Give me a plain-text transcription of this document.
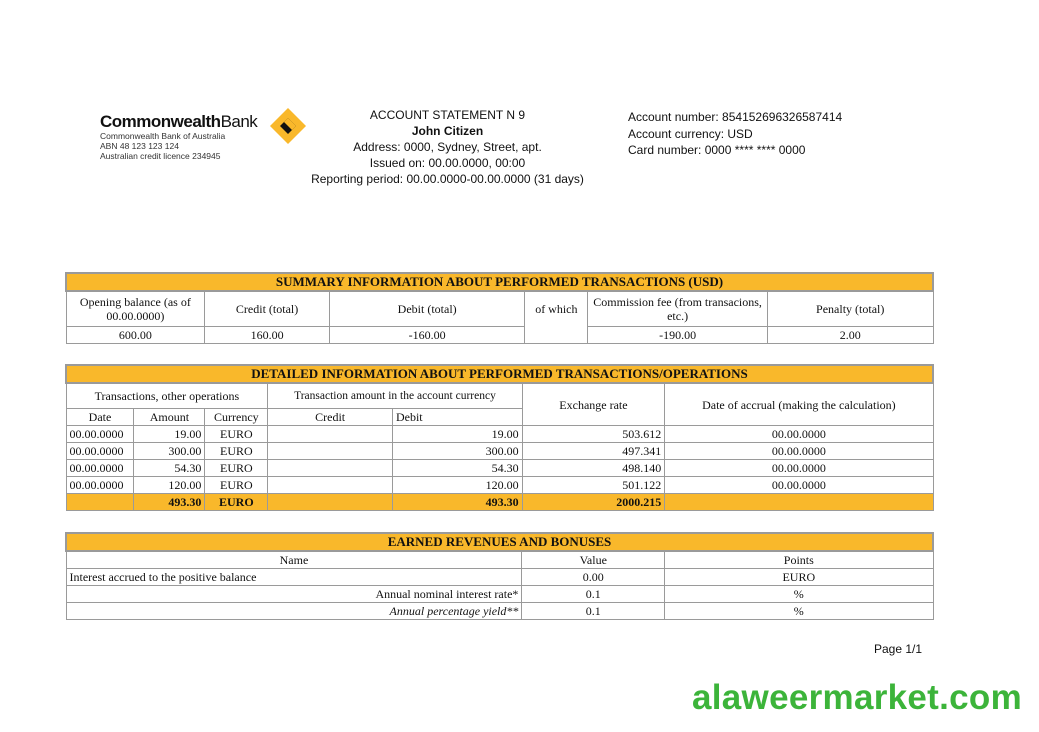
CommonwealthBank
Commonwealth Bank of Australia
ABN 48 123 123 124
Australian credit licence 234945
ACCOUNT STATEMENT N 9
John Citizen
Address: 0000, Sydney, Street, apt.
Issued on: 00.00.0000, 00:00
Reporting period: 00.00.0000-00.00.0000 (31 days)
Account number: 854152696326587414
Account currency: USD
Card number: 0000 **** **** 0000
SUMMARY INFORMATION ABOUT PERFORMED TRANSACTIONS (USD)					
Opening balance (as of 00.00.0000)	Credit (total)	Debit (total)	of which	Commission fee (from transacions, etc.)	Penalty (total)
600.00	160.00	-160.00		-190.00	2.00
DETAILED INFORMATION ABOUT PERFORMED TRANSACTIONS/OPERATIONS						
Transactions, other operations			Transaction amount in the account currency		Exchange rate	Date of accrual (making the calculation)
Date	Amount	Currency	Credit	Debit		
00.00.0000	19.00	EURO		19.00	503.612	00.00.0000
00.00.0000	300.00	EURO		300.00	497.341	00.00.0000
00.00.0000	54.30	EURO		54.30	498.140	00.00.0000
00.00.0000	120.00	EURO		120.00	501.122	00.00.0000
	493.30	EURO		493.30	2000.215	
EARNED REVENUES AND BONUSES		
Name	Value	Points
Interest accrued to the positive balance	0.00	EURO
Annual nominal interest rate*	0.1	%
Annual percentage yield**	0.1	%
Page 1/1
alaweermarket.com
